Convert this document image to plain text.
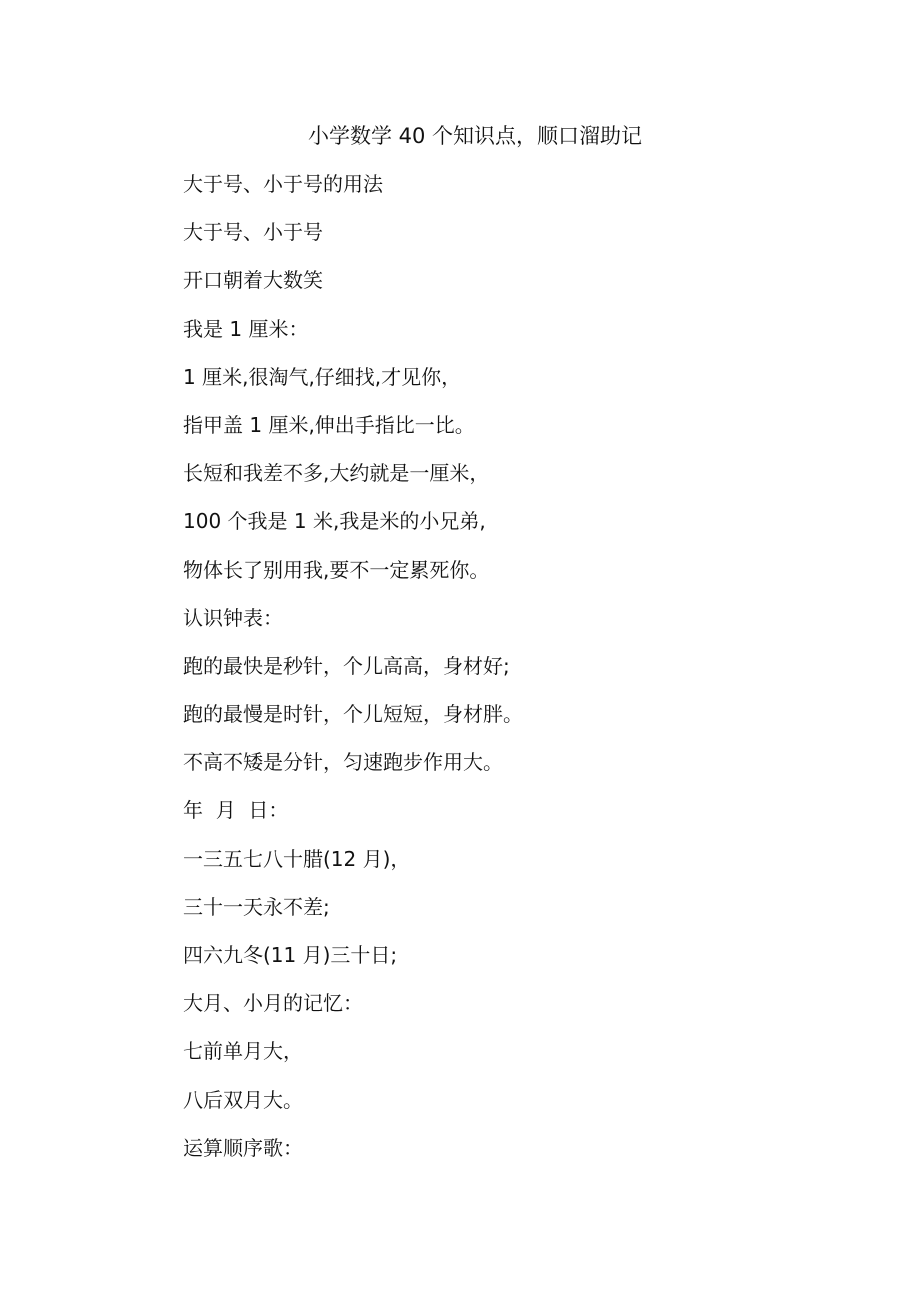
小学数学 40 个知识点，顺口溜助记
大于号、小于号的用法
大于号、小于号
开口朝着大数笑
我是 1 厘米：
1 厘米,很淘气,仔细找,才见你，
指甲盖 1 厘米,伸出手指比一比。
长短和我差不多,大约就是一厘米，
100 个我是 1 米,我是米的小兄弟,
物体长了别用我,要不一定累死你。
认识钟表：
跑的最快是秒针，个儿高高，身材好;
跑的最慢是时针，个儿短短，身材胖。
不高不矮是分针，匀速跑步作用大。
年  月  日：
一三五七八十腊(12 月)，
三十一天永不差;
四六九冬(11 月)三十日;
大月、小月的记忆：
七前单月大，
八后双月大。
运算顺序歌：
